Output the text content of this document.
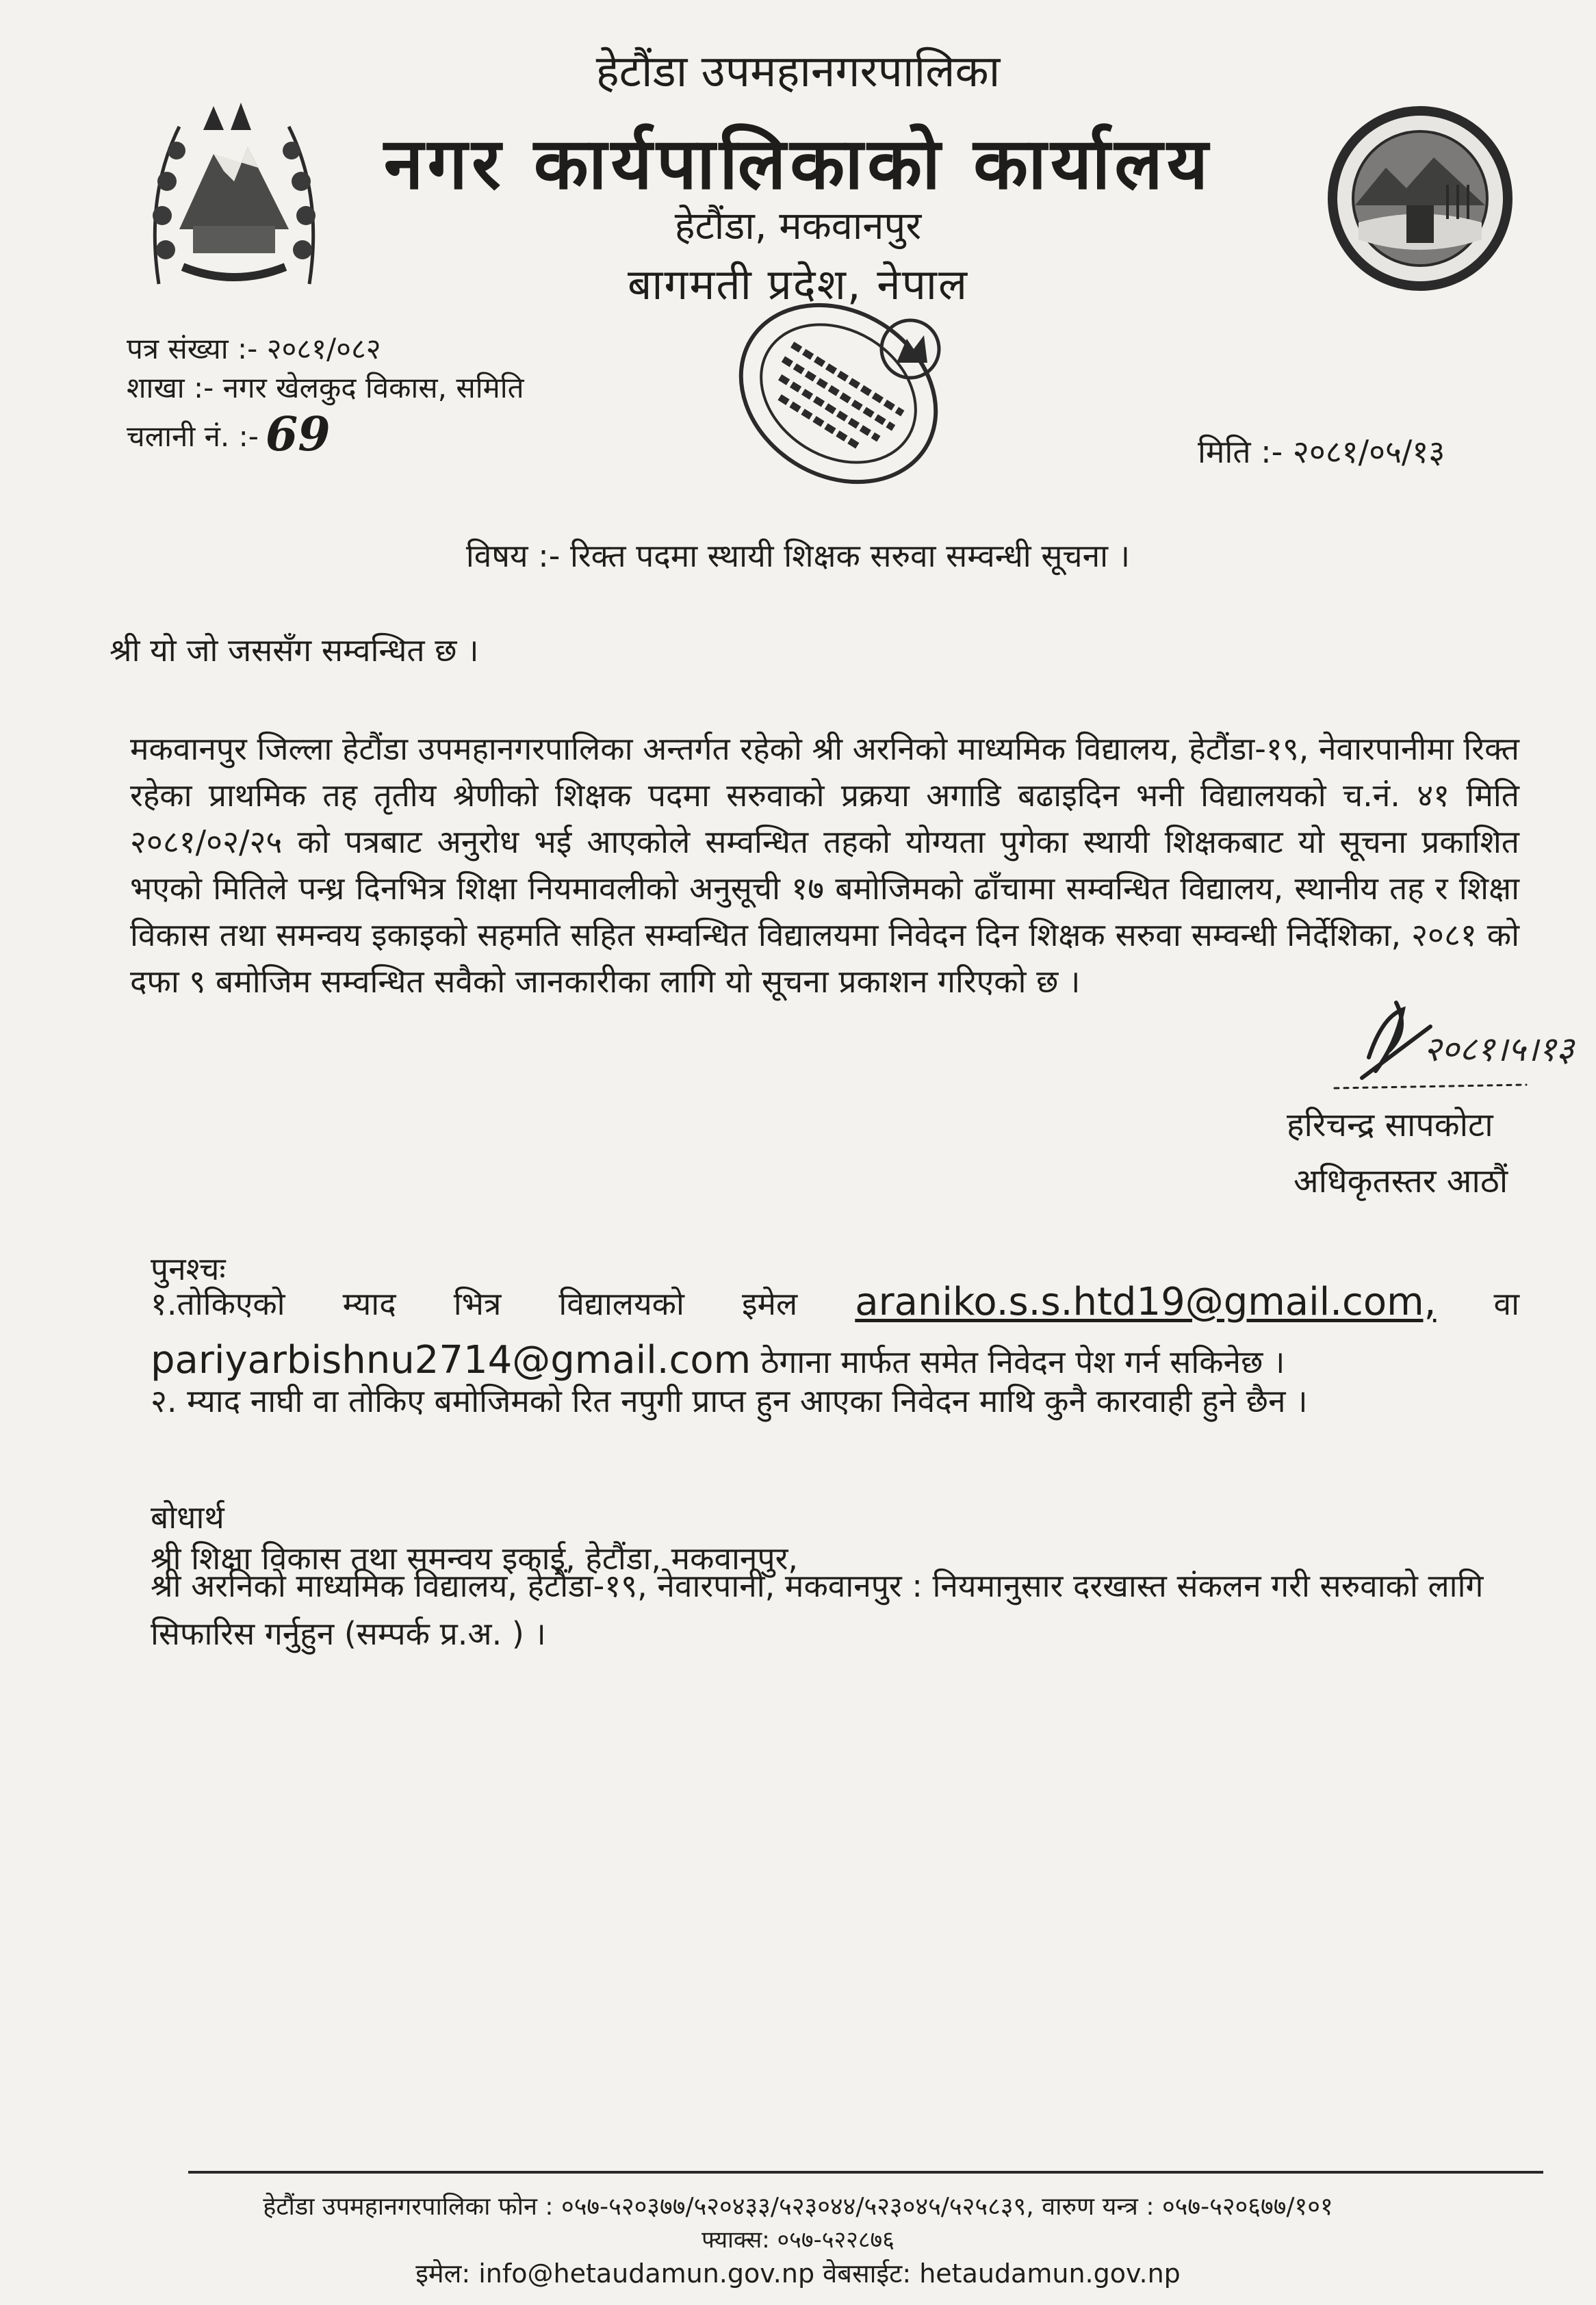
हेटौंडा उपमहानगरपालिका
नगर कार्यपालिकाको कार्यालय
हेटौंडा, मकवानपुर
बागमती प्रदेश, नेपाल
पत्र संख्या :- २०८१/०८२
शाखा :- नगर खेलकुद विकास, समिति
चलानी नं. :- 69	मिति :- २०८१/०५/१३
विषय :- रिक्त पदमा स्थायी शिक्षक सरुवा सम्वन्धी सूचना ।
श्री यो जो जससँग सम्वन्धित छ ।
मकवानपुर जिल्ला हेटौंडा उपमहानगरपालिका अन्तर्गत रहेको श्री अरनिको माध्यमिक विद्यालय, हेटौंडा-१९, नेवारपानीमा रिक्त रहेका प्राथमिक तह तृतीय श्रेणीको शिक्षक पदमा सरुवाको प्रक्रया अगाडि बढाइदिन भनी विद्यालयको च.नं. ४१ मिति २०८१/०२/२५ को पत्रबाट अनुरोध भई आएकोले सम्वन्धित तहको योग्यता पुगेका स्थायी शिक्षकबाट यो सूचना प्रकाशित भएको मितिले पन्ध्र दिनभित्र शिक्षा नियमावलीको अनुसूची १७ बमोजिमको ढाँचामा सम्वन्धित विद्यालय, स्थानीय तह र शिक्षा विकास तथा समन्वय इकाइको सहमति सहित सम्वन्धित विद्यालयमा निवेदन दिन शिक्षक सरुवा सम्वन्धी निर्देशिका, २०८१ को दफा ९ बमोजिम सम्वन्धित सवैको जानकारीका लागि यो सूचना प्रकाशन गरिएको छ ।
२०८१।५।१३
हरिचन्द्र सापकोटा
अधिकृतस्तर आठौं
पुनश्चः
१.तोकिएको म्याद भित्र विद्यालयको इमेल araniko.s.s.htd19@gmail.com, वा
pariyarbishnu2714@gmail.com ठेगाना मार्फत समेत निवेदन पेश गर्न सकिनेछ ।
२. म्याद नाघी वा तोकिए बमोजिमको रित नपुगी प्राप्त हुन आएका निवेदन माथि कुनै कारवाही हुने छैन ।
बोधार्थ
श्री शिक्षा विकास तथा समन्वय इकाई, हेटौंडा, मकवानपुर,
श्री अरनिको माध्यमिक विद्यालय, हेटौंडा-१९, नेवारपानी, मकवानपुर : नियमानुसार दरखास्त संकलन गरी सरुवाको लागि सिफारिस गर्नुहुन (सम्पर्क प्र.अ. ) ।
हेटौंडा उपमहानगरपालिका फोन : ०५७-५२०३७७/५२०४३३/५२३०४४/५२३०४५/५२५८३९, वारुण यन्त्र : ०५७-५२०६७७/१०१
फ्याक्स: ०५७-५२२८७६
इमेल: info@hetaudamun.gov.np वेबसाईट: hetaudamun.gov.np
